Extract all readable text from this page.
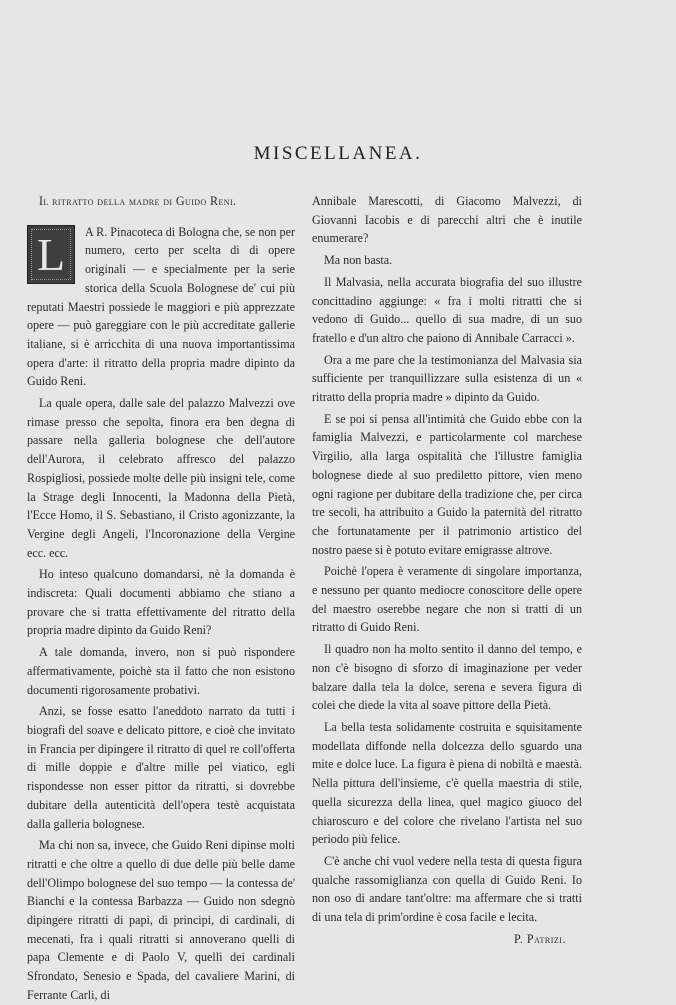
MISCELLANEA.
Il ritratto della madre di Guido Reni.

L	A R. Pinacoteca di Bologna che, se non per numero, certo per scelta di di opere originali — e specialmente per la serie storica della Scuola Bolognese de' cui più reputati Maestri possiede le maggiori e più apprezzate opere — può gareggiare con le più accreditate gallerie italiane, si è arricchita di una nuova importantissima opera d'arte: il ritratto della propria madre dipinto da Guido Reni.

La quale opera, dalle sale del palazzo Malvezzi ove rimase presso che sepolta, finora era ben degna di passare nella galleria bolognese che dell'autore dell'Aurora, il celebrato affresco del palazzo Rospigliosi, possiede molte delle più insigni tele, come la Strage degli Innocenti, la Madonna della Pietà, l'Ecce Homo, il S. Sebastiano, il Cristo agonizzante, la Vergine degli Angeli, l'Incoronazione della Vergine ecc. ecc.

Ho inteso qualcuno domandarsi, nè la domanda è indiscreta: Quali documenti abbiamo che stiano a provare che si tratta effettivamente del ritratto della propria madre dipinto da Guido Reni?

A tale domanda, invero, non si può rispondere affermativamente, poichè sta il fatto che non esistono documenti rigorosamente probativi.

Anzi, se fosse esatto l'aneddoto narrato da tutti i biografi del soave e delicato pittore, e cioè che invitato in Francia per dipingere il ritratto di quel re coll'offerta di mille doppie e d'altre mille pel viatico, egli rispondesse non esser pittor da ritratti, si dovrebbe dubitare della autenticità dell'opera testè acquistata dalla galleria bolognese.

Ma chi non sa, invece, che Guido Reni dipinse molti ritratti e che oltre a quello di due delle più belle dame dell'Olimpo bolognese del suo tempo — la contessa de' Bianchi e la contessa Barbazza — Guido non sdegnò dipingere ritratti di papi, di principi, di cardinali, di mecenati, fra i quali ritratti si annoverano quelli di papa Clemente e di Paolo V, quelli dei cardinali Sfrondato, Senesio e Spada, del cavaliere Marini, di Ferrante Carli, di

Annibale Marescotti, di Giacomo Malvezzi, di Giovanni Iacobis e di parecchi altri che è inutile enumerare?

Ma non basta.

Il Malvasia, nella accurata biografia del suo illustre concittadino aggiunge: « fra i molti ritratti che si vedono di Guido... quello di sua madre, di un suo fratello e d'un altro che paiono di Annibale Carracci ».

Ora a me pare che la testimonianza del Malvasia sia sufficiente per tranquillizzare sulla esistenza di un « ritratto della propria madre » dipinto da Guido.

E se poi si pensa all'intimità che Guido ebbe con la famiglia Malvezzi, e particolarmente col marchese Virgilio, alla larga ospitalità che l'illustre famiglia bolognese diede al suo prediletto pittore, vien meno ogni ragione per dubitare della tradizione che, per circa tre secoli, ha attribuito a Guido la paternità del ritratto che fortunatamente per il patrimonio artistico del nostro paese si è potuto evitare emigrasse altrove.

Poichè l'opera è veramente di singolare importanza, e nessuno per quanto mediocre conoscitore delle opere del maestro oserebbe negare che non si tratti di un ritratto di Guido Reni.

Il quadro non ha molto sentito il danno del tempo, e non c'è bisogno di sforzo di imaginazione per veder balzare dalla tela la dolce, serena e severa figura di colei che diede la vita al soave pittore della Pietà.

La bella testa solidamente costruita e squisitamente modellata diffonde nella dolcezza dello sguardo una mite e dolce luce. La figura è piena di nobiltà e maestà. Nella pittura dell'insieme, c'è quella maestria di stile, quella sicurezza della linea, quel magico giuoco del chiaroscuro e del colore che rivelano l'artista nel suo periodo più felice.

C'è anche chi vuol vedere nella testa di questa figura qualche rassomiglianza con quella di Guido Reni. Io non oso di andare tant'oltre: ma affermare che si tratti di una tela di prim'ordine è cosa facile e lecita.

P. Patrizi.
